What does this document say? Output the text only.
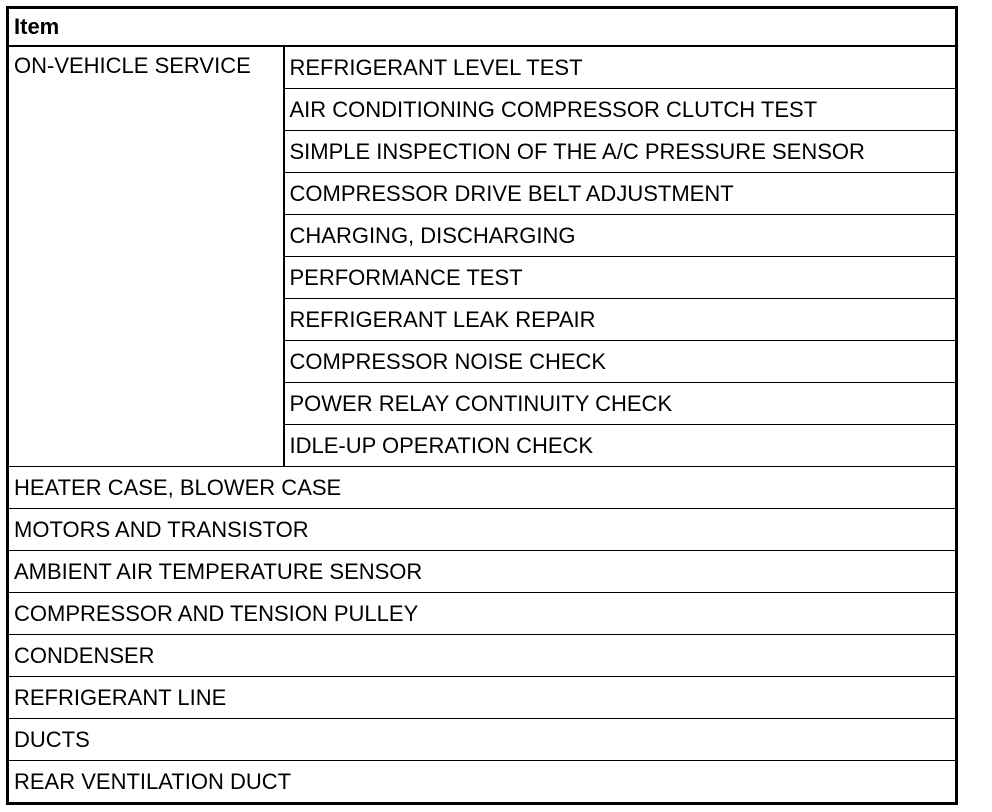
Item
ON-VEHICLE SERVICE	REFRIGERANT LEVEL TEST
AIR CONDITIONING COMPRESSOR CLUTCH TEST
SIMPLE INSPECTION OF THE A/C PRESSURE SENSOR
COMPRESSOR DRIVE BELT ADJUSTMENT
CHARGING, DISCHARGING
PERFORMANCE TEST
REFRIGERANT LEAK REPAIR
COMPRESSOR NOISE CHECK
POWER RELAY CONTINUITY CHECK
IDLE-UP OPERATION CHECK
HEATER CASE, BLOWER CASE
MOTORS AND TRANSISTOR
AMBIENT AIR TEMPERATURE SENSOR
COMPRESSOR AND TENSION PULLEY
CONDENSER
REFRIGERANT LINE
DUCTS
REAR VENTILATION DUCT
